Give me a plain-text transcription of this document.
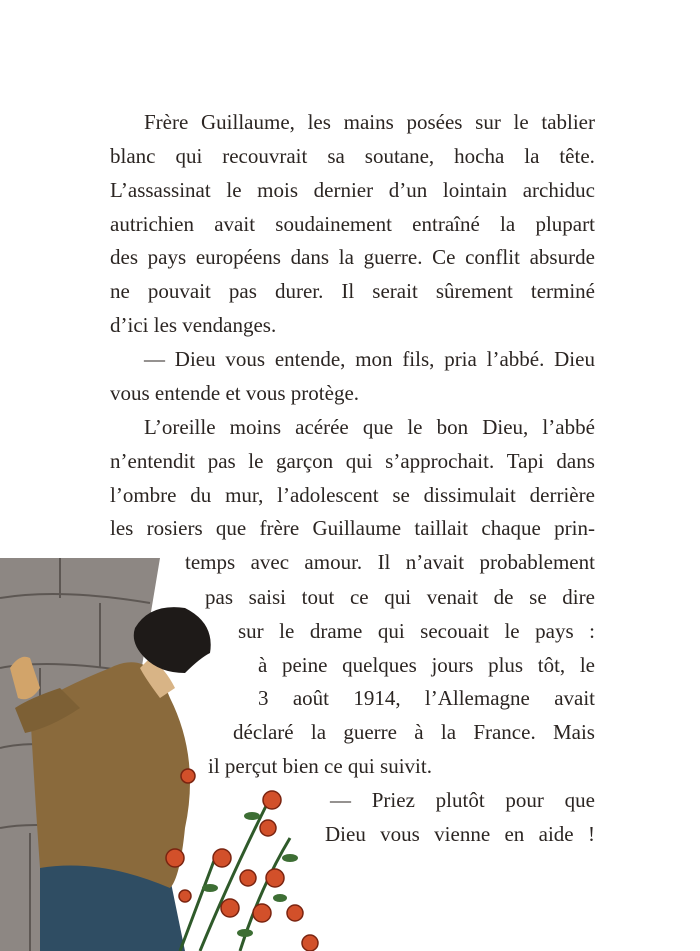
Frère Guillaume, les mains posées sur le tablier
blanc qui recouvrait sa soutane, hocha la tête.
L’assassinat le mois dernier d’un lointain archiduc
autrichien avait soudainement entraîné la plupart
des pays européens dans la guerre. Ce conflit absurde
ne pouvait pas durer. Il serait sûrement terminé
d’ici les vendanges.
— Dieu vous entende, mon fils, pria l’abbé. Dieu
vous entende et vous protège.
L’oreille moins acérée que le bon Dieu, l’abbé
n’entendit pas le garçon qui s’approchait. Tapi dans
l’ombre du mur, l’adolescent se dissimulait derrière
les rosiers que frère Guillaume taillait chaque prin-
temps avec amour. Il n’avait probablement
pas saisi tout ce qui venait de se dire
sur le drame qui secouait le pays :
à peine quelques jours plus tôt, le
3 août 1914, l’Allemagne avait
déclaré la guerre à la France. Mais
il perçut bien ce qui suivit.
— Priez plutôt pour que
Dieu vous vienne en aide !
